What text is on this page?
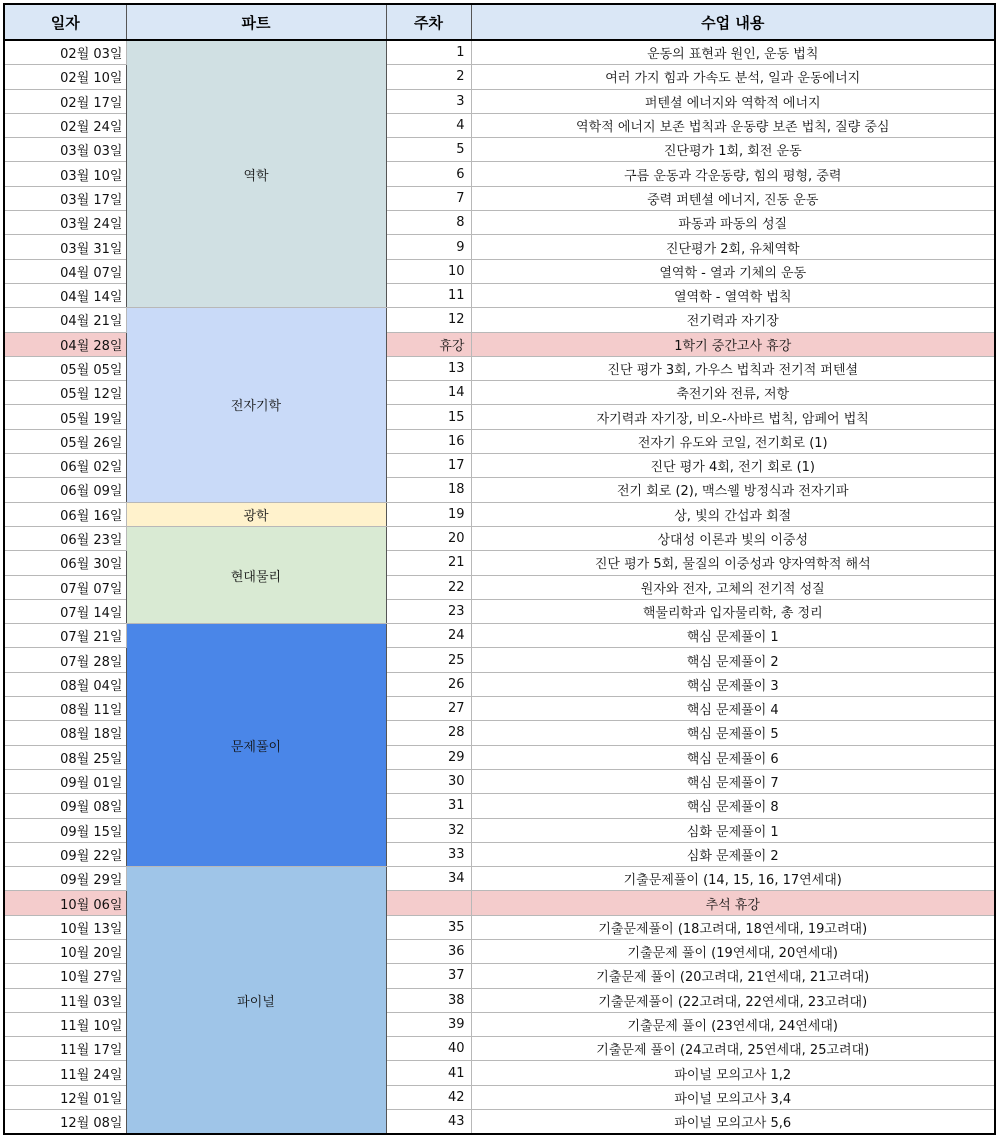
일자	파트	주차	수업 내용
02월 03일	역학	1	운동의 표현과 원인, 운동 법칙
02월 10일		2	여러 가지 힘과 가속도 분석, 일과 운동에너지
02월 17일		3	퍼텐셜 에너지와 역학적 에너지
02월 24일		4	역학적 에너지 보존 법칙과 운동량 보존 법칙, 질량 중심
03월 03일		5	진단평가 1회, 회전 운동
03월 10일		6	구름 운동과 각운동량, 힘의 평형, 중력
03월 17일		7	중력 퍼텐셜 에너지, 진동 운동
03월 24일		8	파동과 파동의 성질
03월 31일		9	진단평가 2회, 유체역학
04월 07일		10	열역학 - 열과 기체의 운동
04월 14일		11	열역학 - 열역학 법칙
04월 21일	전자기학	12	전기력과 자기장
04월 28일		휴강	1학기 중간고사 휴강
05월 05일		13	진단 평가 3회, 가우스 법칙과 전기적 퍼텐셜
05월 12일		14	축전기와 전류, 저항
05월 19일		15	자기력과 자기장, 비오-사바르 법칙, 암페어 법칙
05월 26일		16	전자기 유도와 코일, 전기회로 (1)
06월 02일		17	진단 평가 4회, 전기 회로 (1)
06월 09일		18	전기 회로 (2), 맥스웰 방정식과 전자기파
06월 16일	광학	19	상, 빛의 간섭과 회절
06월 23일	현대물리	20	상대성 이론과 빛의 이중성
06월 30일		21	진단 평가 5회, 물질의 이중성과 양자역학적 해석
07월 07일		22	원자와 전자, 고체의 전기적 성질
07월 14일		23	핵물리학과 입자물리학, 총 정리
07월 21일	문제풀이	24	핵심 문제풀이 1
07월 28일		25	핵심 문제풀이 2
08월 04일		26	핵심 문제풀이 3
08월 11일		27	핵심 문제풀이 4
08월 18일		28	핵심 문제풀이 5
08월 25일		29	핵심 문제풀이 6
09월 01일		30	핵심 문제풀이 7
09월 08일		31	핵심 문제풀이 8
09월 15일		32	심화 문제풀이 1
09월 22일		33	심화 문제풀이 2
09월 29일	파이널	34	기출문제풀이 (14, 15, 16, 17연세대)
10월 06일			추석 휴강
10월 13일		35	기출문제풀이 (18고려대, 18연세대, 19고려대)
10월 20일		36	기출문제 풀이 (19연세대, 20연세대)
10월 27일		37	기출문제 풀이 (20고려대, 21연세대, 21고려대)
11월 03일		38	기출문제풀이 (22고려대, 22연세대, 23고려대)
11월 10일		39	기출문제 풀이 (23연세대, 24연세대)
11월 17일		40	기출문제 풀이 (24고려대, 25연세대, 25고려대)
11월 24일		41	파이널 모의고사 1,2
12월 01일		42	파이널 모의고사 3,4
12월 08일		43	파이널 모의고사 5,6
